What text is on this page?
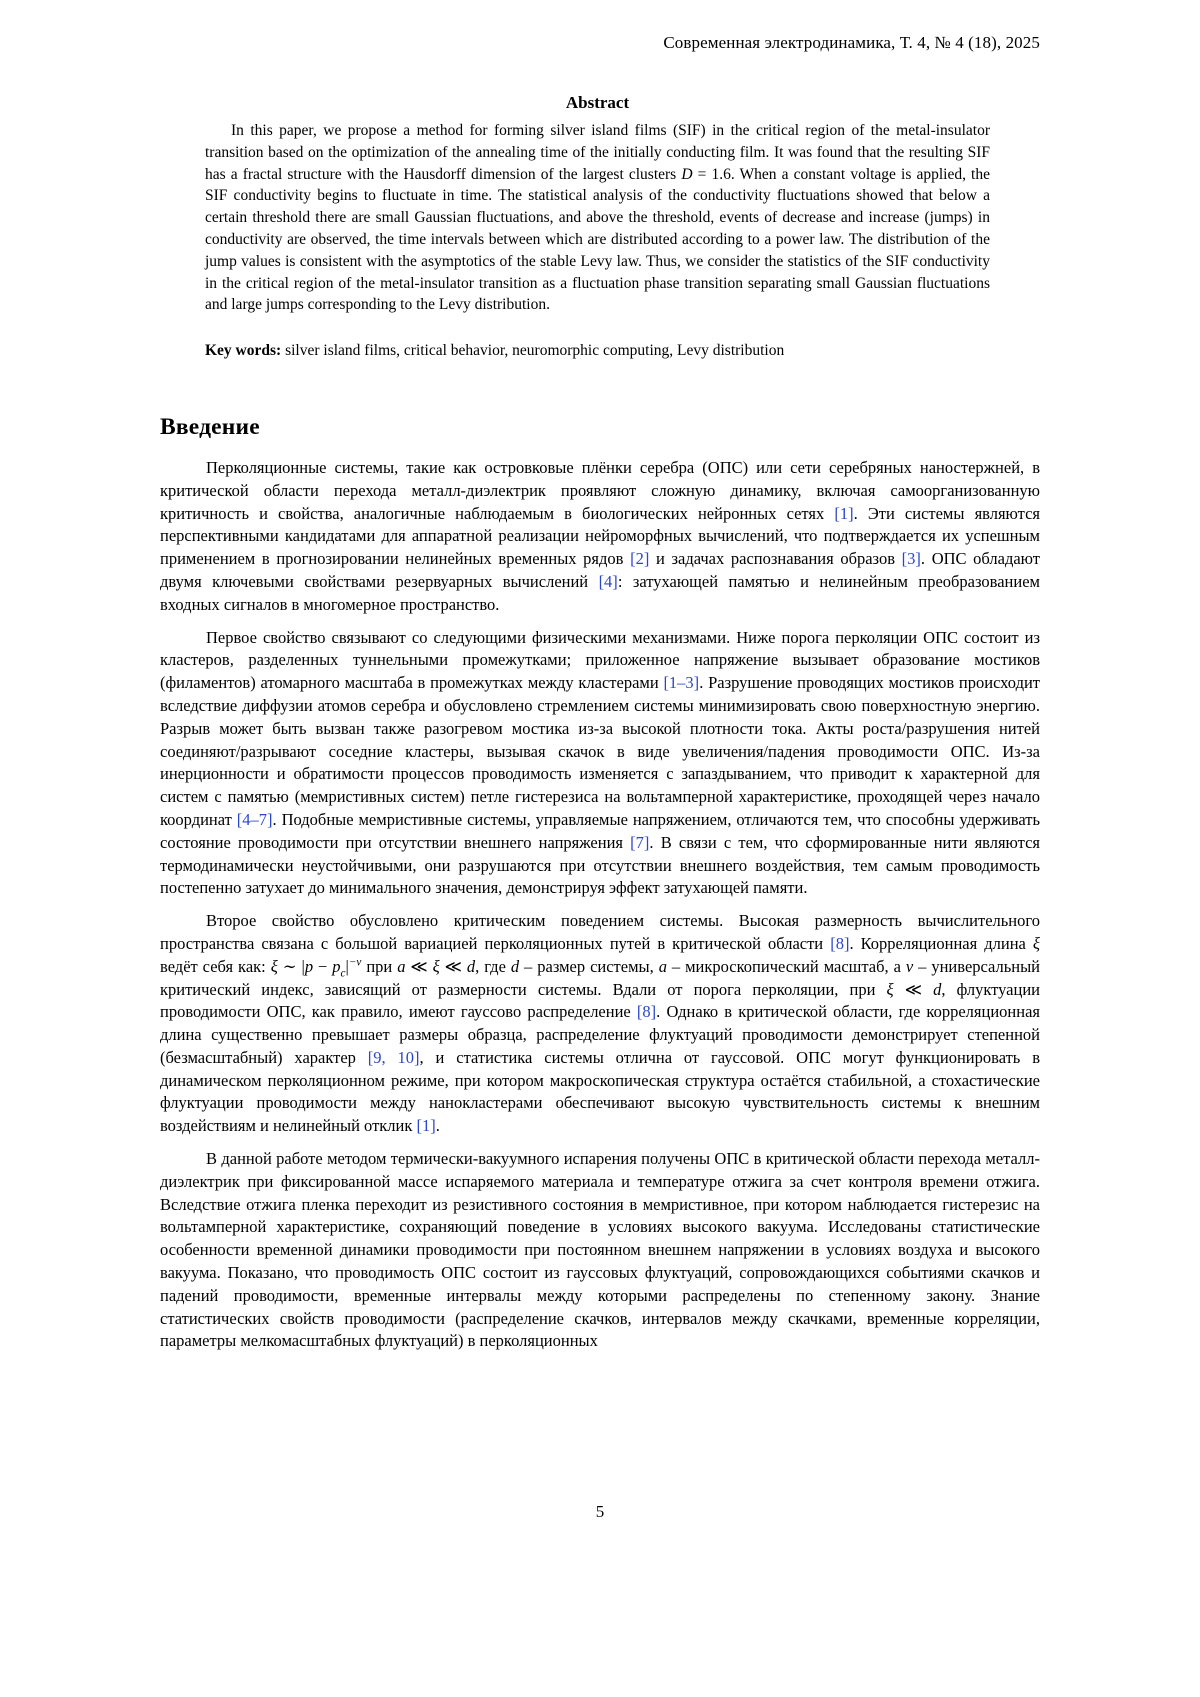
Современная электродинамика, Т. 4, № 4 (18), 2025
Abstract

In this paper, we propose a method for forming silver island films (SIF) in the critical region of the metal-insulator transition based on the optimization of the annealing time of the initially conducting film. It was found that the resulting SIF has a fractal structure with the Hausdorff dimension of the largest clusters D = 1.6. When a constant voltage is applied, the SIF conductivity begins to fluctuate in time. The statistical analysis of the conductivity fluctuations showed that below a certain threshold there are small Gaussian fluctuations, and above the threshold, events of decrease and increase (jumps) in conductivity are observed, the time intervals between which are distributed according to a power law. The distribution of the jump values is consistent with the asymptotics of the stable Levy law. Thus, we consider the statistics of the SIF conductivity in the critical region of the metal-insulator transition as a fluctuation phase transition separating small Gaussian fluctuations and large jumps corresponding to the Levy distribution.

Key words: silver island films, critical behavior, neuromorphic computing, Levy distribution

Введение

Перколяционные системы, такие как островковые плёнки серебра (ОПС) или сети серебряных наностержней, в критической области перехода металл-диэлектрик проявляют сложную динамику, включая самоорганизованную критичность и свойства, аналогичные наблюдаемым в биологических нейронных сетях [1]. Эти системы являются перспективными кандидатами для аппаратной реализации нейроморфных вычислений, что подтверждается их успешным применением в прогнозировании нелинейных временных рядов [2] и задачах распознавания образов [3]. ОПС обладают двумя ключевыми свойствами резервуарных вычислений [4]: затухающей памятью и нелинейным преобразованием входных сигналов в многомерное пространство.

Первое свойство связывают со следующими физическими механизмами. Ниже порога перколяции ОПС состоит из кластеров, разделенных туннельными промежутками; приложенное напряжение вызывает образование мостиков (филаментов) атомарного масштаба в промежутках между кластерами [1–3]. Разрушение проводящих мостиков происходит вследствие диффузии атомов серебра и обусловлено стремлением системы минимизировать свою поверхностную энергию. Разрыв может быть вызван также разогревом мостика из-за высокой плотности тока. Акты роста/разрушения нитей соединяют/разрывают соседние кластеры, вызывая скачок в виде увеличения/падения проводимости ОПС. Из-за инерционности и обратимости процессов проводимость изменяется с запаздыванием, что приводит к характерной для систем с памятью (мемристивных систем) петле гистерезиса на вольтамперной характеристике, проходящей через начало координат [4–7]. Подобные мемристивные системы, управляемые напряжением, отличаются тем, что способны удерживать состояние проводимости при отсутствии внешнего напряжения [7]. В связи с тем, что сформированные нити являются термодинамически неустойчивыми, они разрушаются при отсутствии внешнего воздействия, тем самым проводимость постепенно затухает до минимального значения, демонстрируя эффект затухающей памяти.

Второе свойство обусловлено критическим поведением системы. Высокая размерность вычислительного пространства связана с большой вариацией перколяционных путей в критической области [8]. Корреляционная длина ξ ведёт себя как: ξ ∼ $|p - p_c|^{-v}$ при a ≪ ξ ≪ d, где d – размер системы, a – микроскопический масштаб, а v – универсальный критический индекс, зависящий от размерности системы. Вдали от порога перколяции, при ξ ≪ d, флуктуации проводимости ОПС, как правило, имеют гауссово распределение [8]. Однако в критической области, где корреляционная длина существенно превышает размеры образца, распределение флуктуаций проводимости демонстрирует степенной (безмасштабный) характер [9, 10], и статистика системы отлична от гауссовой. ОПС могут функционировать в динамическом перколяционном режиме, при котором макроскопическая структура остаётся стабильной, а стохастические флуктуации проводимости между нанокластерами обеспечивают высокую чувствительность системы к внешним воздействиям и нелинейный отклик [1].

В данной работе методом термически-вакуумного испарения получены ОПС в критической области перехода металл-диэлектрик при фиксированной массе испаряемого материала и температуре отжига за счет контроля времени отжига. Вследствие отжига пленка переходит из резистивного состояния в мемристивное, при котором наблюдается гистерезис на вольтамперной характеристике, сохраняющий поведение в условиях высокого вакуума. Исследованы статистические особенности временной динамики проводимости при постоянном внешнем напряжении в условиях воздуха и высокого вакуума. Показано, что проводимость ОПС состоит из гауссовых флуктуаций, сопровождающихся событиями скачков и падений проводимости, временные интервалы между которыми распределены по степенному закону. Знание статистических свойств проводимости (распределение скачков, интервалов между скачками, временные корреляции, параметры мелкомасштабных флуктуаций) в перколяционных

5
